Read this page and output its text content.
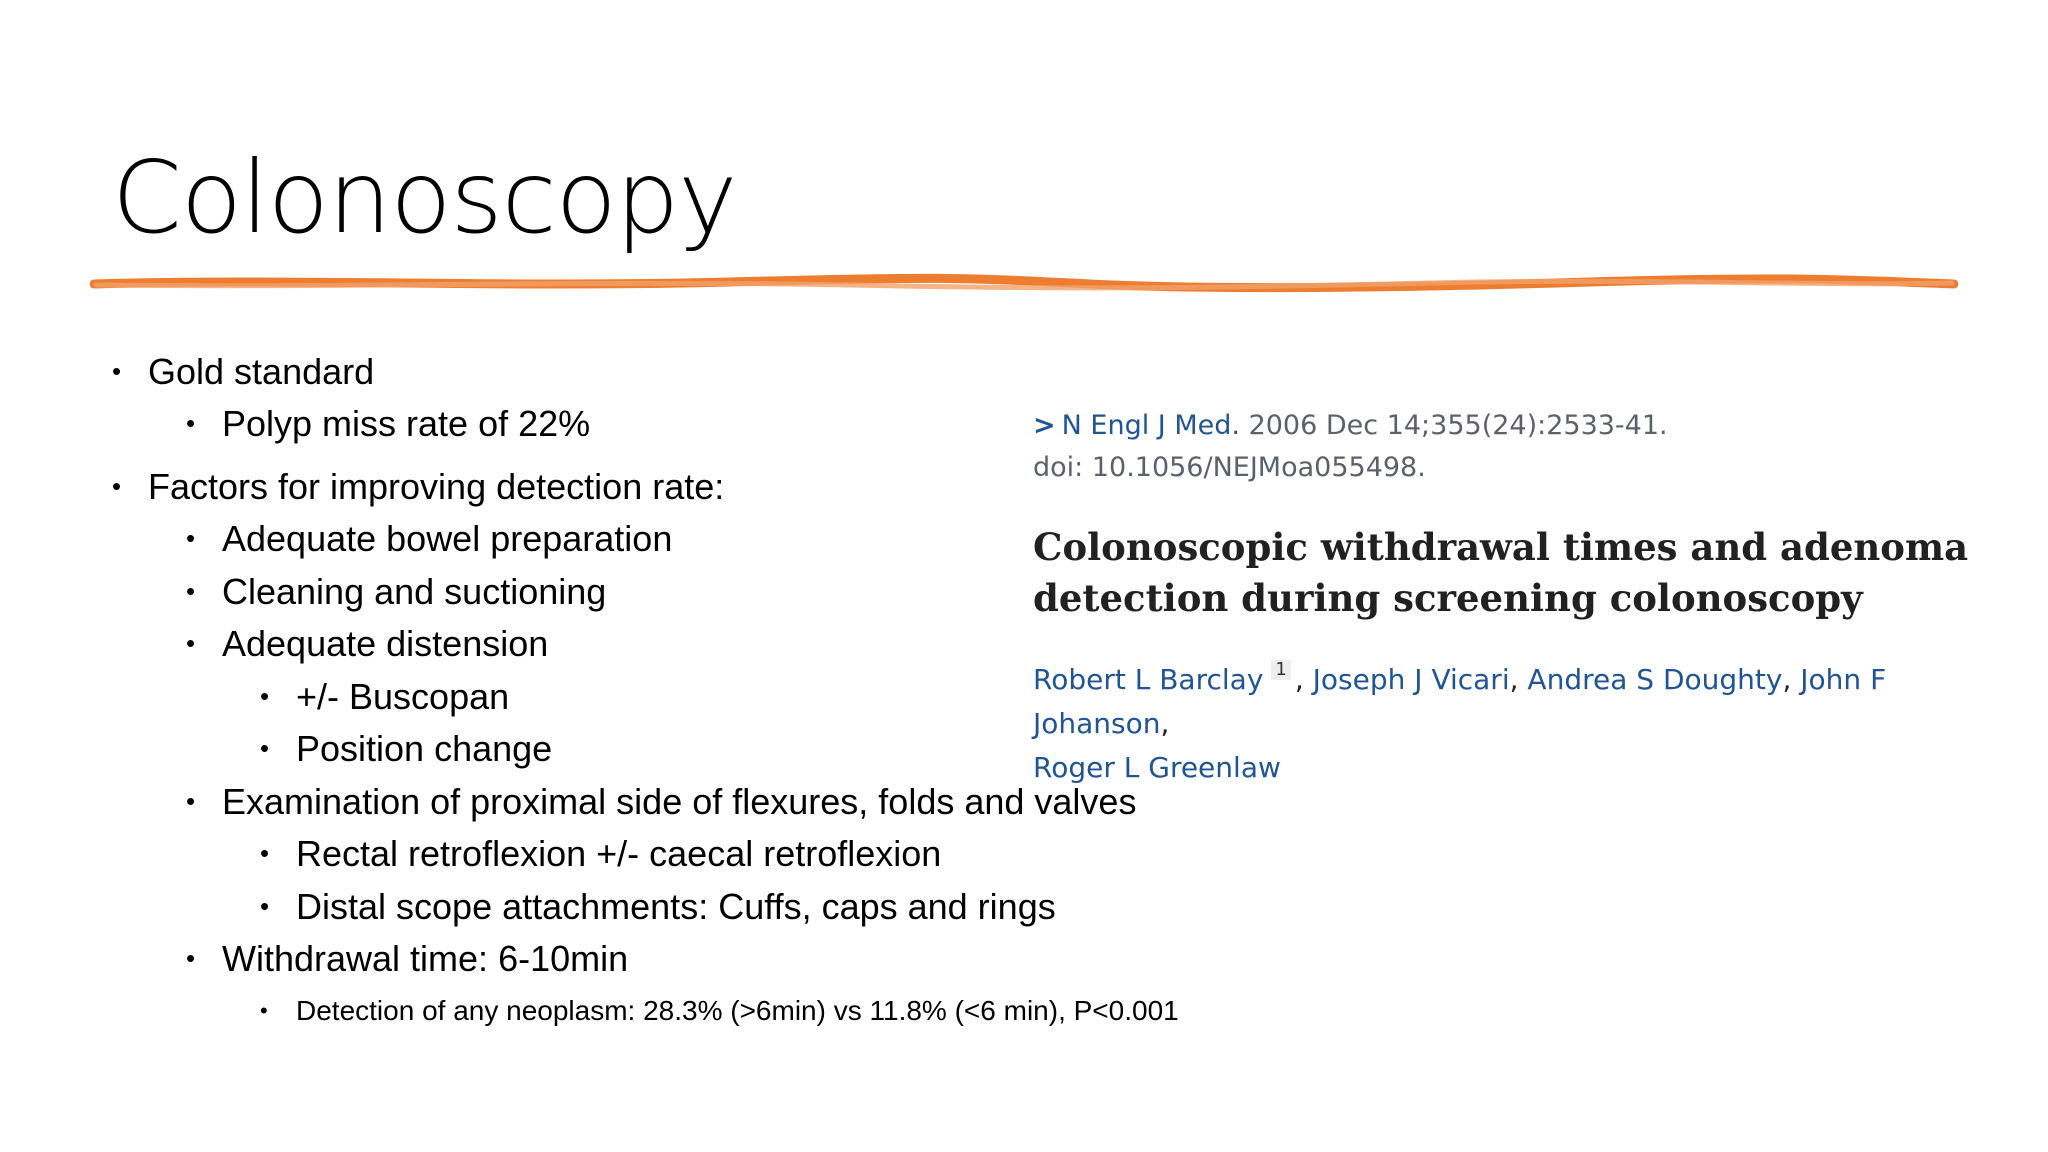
Colonoscopy
• Gold standard
• Polyp miss rate of 22%
• Factors for improving detection rate:
• Adequate bowel preparation
• Cleaning and suctioning
• Adequate distension
• +/- Buscopan
• Position change
• Examination of proximal side of flexures, folds and valves
• Rectal retroflexion +/- caecal retroflexion
• Distal scope attachments: Cuffs, caps and rings
• Withdrawal time: 6-10min
• Detection of any neoplasm: 28.3% (>6min) vs 11.8% (<6 min), P<0.001
> N Engl J Med. 2006 Dec 14;355(24):2533-41.
doi: 10.1056/NEJMoa055498.
Colonoscopic withdrawal times and adenoma detection during screening colonoscopy
Robert L Barclay 1 , Joseph J Vicari, Andrea S Doughty, John F Johanson,
Roger L Greenlaw
